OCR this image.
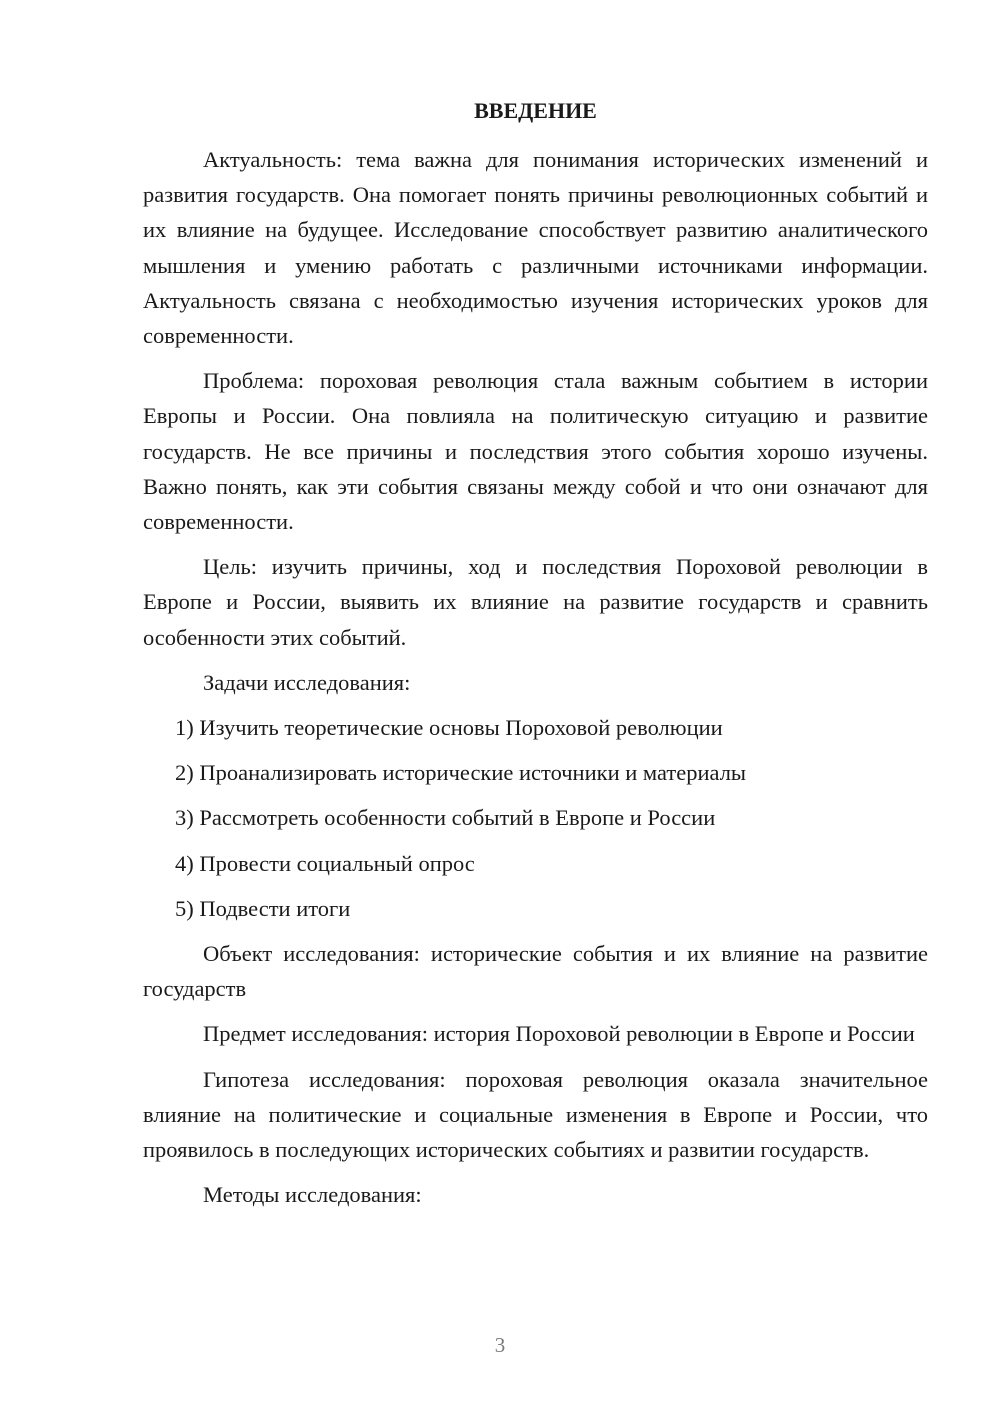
ВВЕДЕНИЕ

Актуальность: тема важна для понимания исторических изменений и развития государств. Она помогает понять причины революционных событий и их влияние на будущее. Исследование способствует развитию аналитического мышления и умению работать с различными источниками информации. Актуальность связана с необходимостью изучения исторических уроков для современности.

Проблема: пороховая революция стала важным событием в истории Европы и России. Она повлияла на политическую ситуацию и развитие государств. Не все причины и последствия этого события хорошо изучены. Важно понять, как эти события связаны между собой и что они означают для современности.

Цель: изучить причины, ход и последствия Пороховой революции в Европе и России, выявить их влияние на развитие государств и сравнить особенности этих событий.

Задачи исследования:

1) Изучить теоретические основы Пороховой революции
2) Проанализировать исторические источники и материалы
3) Рассмотреть особенности событий в Европе и России
4) Провести социальный опрос
5) Подвести итоги

Объект исследования: исторические события и их влияние на развитие государств

Предмет исследования: история Пороховой революции в Европе и России

Гипотеза исследования: пороховая революция оказала значительное влияние на политические и социальные изменения в Европе и России, что проявилось в последующих исторических событиях и развитии государств.

Методы исследования:

3
